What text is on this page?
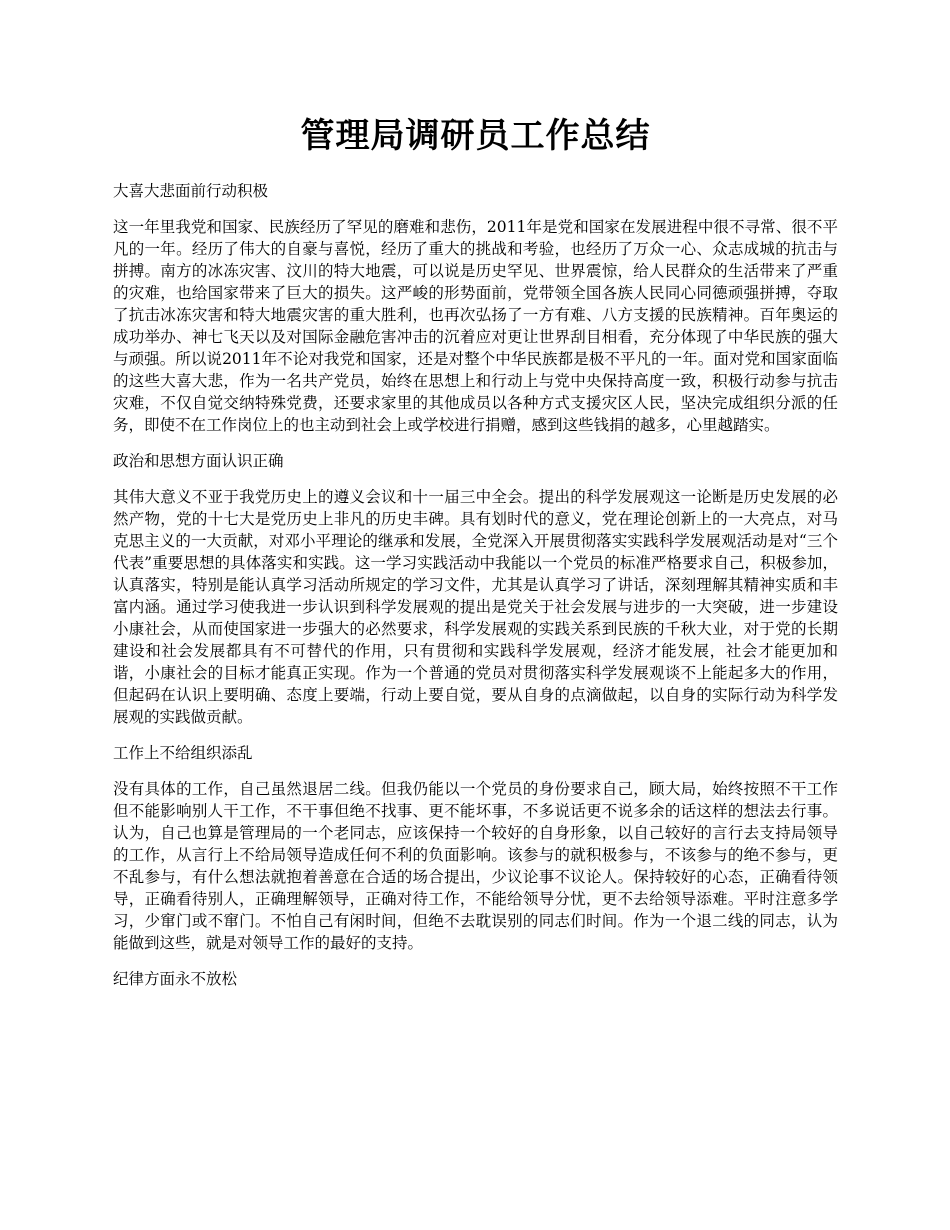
管理局调研员工作总结

大喜大悲面前行动积极

这一年里我党和国家、民族经历了罕见的磨难和悲伤，2011年是党和国家在发展进程中很不寻常、很不平凡的一年。经历了伟大的自豪与喜悦，经历了重大的挑战和考验，也经历了万众一心、众志成城的抗击与拼搏。南方的冰冻灾害、汶川的特大地震，可以说是历史罕见、世界震惊，给人民群众的生活带来了严重的灾难，也给国家带来了巨大的损失。这严峻的形势面前，党带领全国各族人民同心同德顽强拼搏，夺取了抗击冰冻灾害和特大地震灾害的重大胜利，也再次弘扬了一方有难、八方支援的民族精神。百年奥运的成功举办、神七飞天以及对国际金融危害冲击的沉着应对更让世界刮目相看，充分体现了中华民族的强大与顽强。所以说2011年不论对我党和国家，还是对整个中华民族都是极不平凡的一年。面对党和国家面临的这些大喜大悲，作为一名共产党员，始终在思想上和行动上与党中央保持高度一致，积极行动参与抗击灾难，不仅自觉交纳特殊党费，还要求家里的其他成员以各种方式支援灾区人民，坚决完成组织分派的任务，即使不在工作岗位上的也主动到社会上或学校进行捐赠，感到这些钱捐的越多，心里越踏实。

政治和思想方面认识正确

其伟大意义不亚于我党历史上的遵义会议和十一届三中全会。提出的科学发展观这一论断是历史发展的必然产物，党的十七大是党历史上非凡的历史丰碑。具有划时代的意义，党在理论创新上的一大亮点，对马克思主义的一大贡献，对邓小平理论的继承和发展，全党深入开展贯彻落实实践科学发展观活动是对“三个代表”重要思想的具体落实和实践。这一学习实践活动中我能以一个党员的标准严格要求自己，积极参加，认真落实，特别是能认真学习活动所规定的学习文件，尤其是认真学习了讲话，深刻理解其精神实质和丰富内涵。通过学习使我进一步认识到科学发展观的提出是党关于社会发展与进步的一大突破，进一步建设小康社会，从而使国家进一步强大的必然要求，科学发展观的实践关系到民族的千秋大业，对于党的长期建设和社会发展都具有不可替代的作用，只有贯彻和实践科学发展观，经济才能发展，社会才能更加和谐，小康社会的目标才能真正实现。作为一个普通的党员对贯彻落实科学发展观谈不上能起多大的作用，但起码在认识上要明确、态度上要端，行动上要自觉，要从自身的点滴做起，以自身的实际行动为科学发展观的实践做贡献。

工作上不给组织添乱

没有具体的工作，自己虽然退居二线。但我仍能以一个党员的身份要求自己，顾大局，始终按照不干工作但不能影响别人干工作，不干事但绝不找事、更不能坏事，不多说话更不说多余的话这样的想法去行事。认为，自己也算是管理局的一个老同志，应该保持一个较好的自身形象，以自己较好的言行去支持局领导的工作，从言行上不给局领导造成任何不利的负面影响。该参与的就积极参与，不该参与的绝不参与，更不乱参与，有什么想法就抱着善意在合适的场合提出，少议论事不议论人。保持较好的心态，正确看待领导，正确看待别人，正确理解领导，正确对待工作，不能给领导分忧，更不去给领导添难。平时注意多学习，少窜门或不窜门。不怕自己有闲时间，但绝不去耽误别的同志们时间。作为一个退二线的同志，认为能做到这些，就是对领导工作的最好的支持。

纪律方面永不放松
